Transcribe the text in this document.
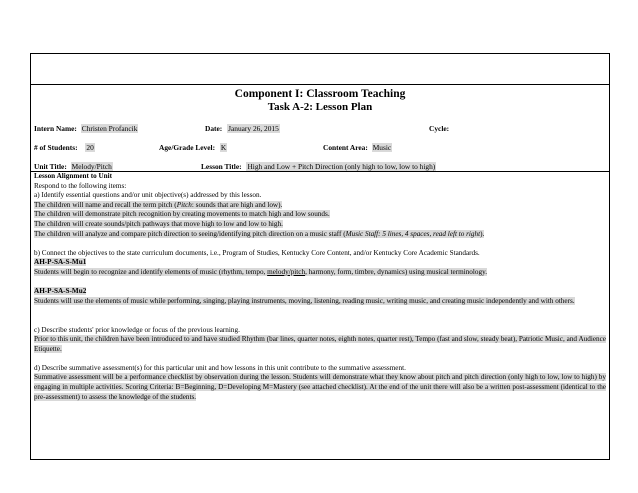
Component I: Classroom Teaching
Task A-2: Lesson Plan
Intern Name: Christen Profancik	Date: January 26, 2015	Cycle:
# of Students: 20	Age/Grade Level: K	Content Area: Music
Unit Title: Melody/Pitch	Lesson Title: High and Low + Pitch Direction (only high to low, low to high)

Lesson Alignment to Unit

Respond to the following items:

a) Identify essential questions and/or unit objective(s) addressed by this lesson.

The children will name and recall the term pitch (Pitch: sounds that are high and low).

The children will demonstrate pitch recognition by creating movements to match high and low sounds.

The children will create sounds/pitch pathways that move high to low and low to high.

The children will analyze and compare pitch direction to seeing/identifying pitch direction on a music staff (Music Staff: 5 lines, 4 spaces, read left to right).

b) Connect the objectives to the state curriculum documents, i.e., Program of Studies, Kentucky Core Content, and/or Kentucky Core Academic Standards.

AH-P-SA-S-Mu1

Students will begin to recognize and identify elements of music (rhythm, tempo, melody/pitch, harmony, form, timbre, dynamics) using musical terminology.

AH-P-SA-S-Mu2

Students will use the elements of music while performing, singing, playing instruments, moving, listening, reading music, writing music, and creating music independently and with others.

c) Describe students' prior knowledge or focus of the previous learning.

Prior to this unit, the children have been introduced to and have studied Rhythm (bar lines, quarter notes, eighth notes, quarter rest), Tempo (fast and slow, steady beat), Patriotic Music, and Audience Etiquette.

d) Describe summative assessment(s) for this particular unit and how lessons in this unit contribute to the summative assessment.

Summative assessment will be a performance checklist by observation during the lesson. Students will demonstrate what they know about pitch and pitch direction (only high to low, low to high) by engaging in multiple activities. Scoring Criteria: B=Beginning, D=Developing M=Mastery (see attached checklist). At the end of the unit there will also be a written post-assessment (identical to the pre-assessment) to assess the knowledge of the students.
